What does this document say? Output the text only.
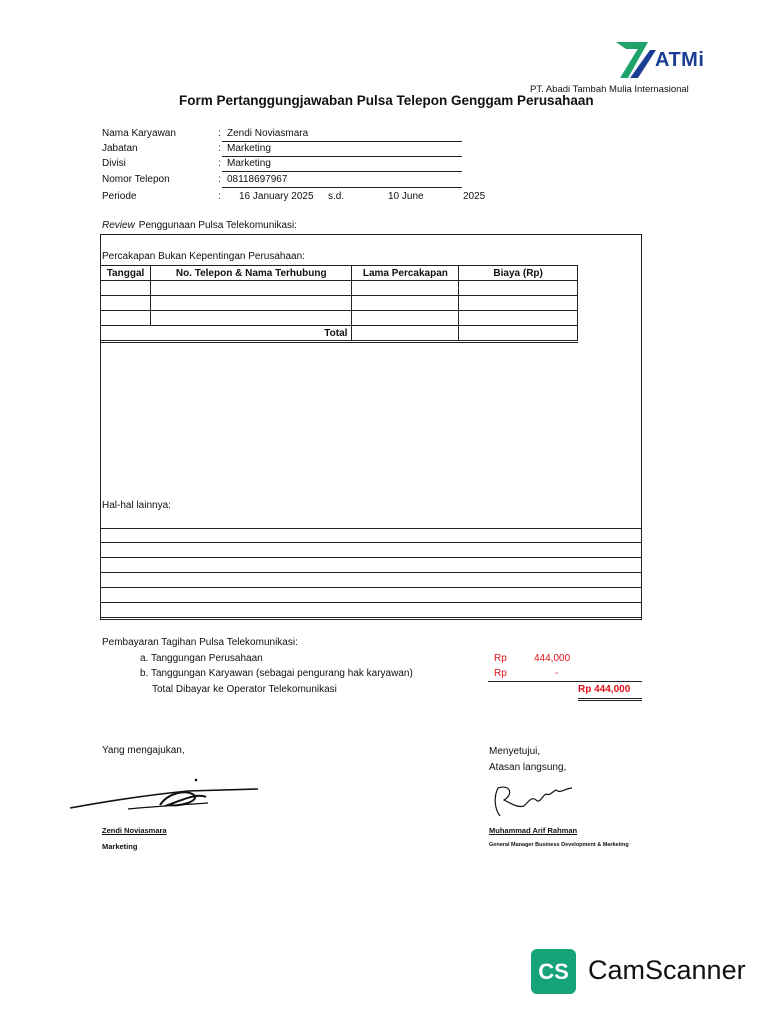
ATMi
PT. Abadi Tambah Mulia Internasional
Form Pertanggungjawaban Pulsa Telepon Genggam Perusahaan
Nama Karyawan	: Zendi Noviasmara
Jabatan	: Marketing
Divisi	: Marketing
Nomor Telepon	: 08118697967
Periode	: 16 January 2025 s.d.	10 June	2025
Review Penggunaan Pulsa Telekomunikasi:
Percakapan Bukan Kepentingan Perusahaan:
Tanggal	No. Telepon & Nama Terhubung	Lama Percakapan	Biaya (Rp)

Total			
Hal-hal lainnya:
Pembayaran Tagihan Pulsa Telekomunikasi:
a. Tanggungan Perusahaan	Rp	444,000
b. Tanggungan Karyawan (sebagai pengurang hak karyawan)	Rp	-
Total Dibayar ke Operator Telekomunikasi	Rp 444,000
Yang mengajukan,
Zendi Noviasmara
Marketing
Menyetujui,
Atasan langsung,
Muhammad Arif Rahman
General Manager Business Development & Marketing
CS CamScanner
